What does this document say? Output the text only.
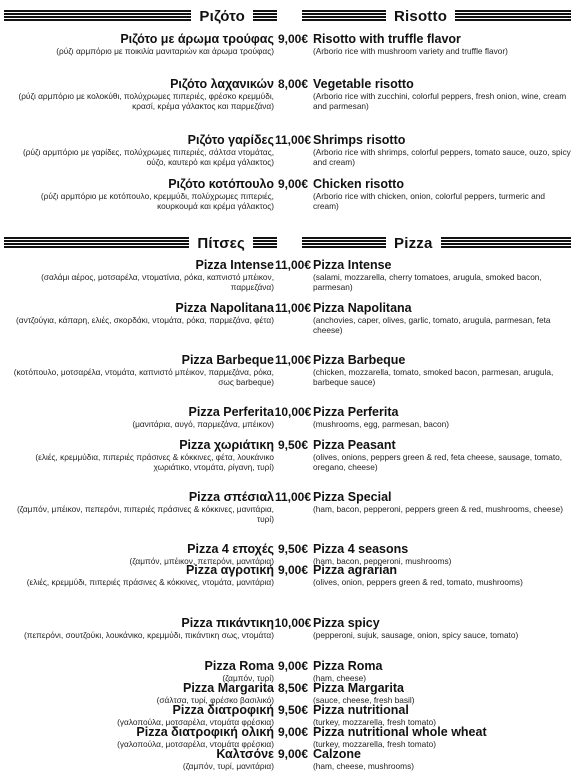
Ριζότο	Risotto
Ριζότο με άρωμα τρούφας
(ρύζι αρμπόριο με ποικιλία μανιταριών και άρωμα τρούφας)
9,00€ Risotto with truffle flavor
(Arborio rice with mushroom variety and truffle flavor)
Ριζότο λαχανικών
(ρύζι αρμπόριο με κολοκύθι, πολύχρωμες πιπεριές, φρέσκο κρεμμύδι, κρασί, κρέμα γάλακτος και παρμεζάνα)
8,00€ Vegetable risotto
(Arborio rice with zucchini, colorful peppers, fresh onion, wine, cream and parmesan)
Ριζότο γαρίδες
(ρύζι αρμπόριο με γαρίδες, πολύχρωμες πιπεριές, σάλτσα ντομάτας, ούζο, καυτερό και κρέμα γάλακτος)
11,00€ Shrimps risotto
(Arborio rice with shrimps, colorful peppers, tomato sauce, ouzo, spicy and cream)
Ριζότο κοτόπουλο
(ρύζι αρμπόριο με κοτόπουλο, κρεμμύδι, πολύχρωμες πιπεριές, κουρκουμά και κρέμα γάλακτος)
9,00€ Chicken risotto
(Arborio rice with chicken, onion, colorful peppers, turmeric and cream)
Πίτσες	Pizza
Pizza Intense
(σαλάμι αέρος, μοτσαρέλα, ντοματίνια, ρόκα, καπνιστό μπέικον, παρμεζάνα)
11,00€ Pizza Intense
(salami, mozzarella, cherry tomatoes, arugula, smoked bacon, parmesan)
Pizza Napolitana
(αντζούγια, κάπαρη, ελιές, σκορδάκι, ντομάτα, ρόκα, παρμεζάνα, φέτα)
11,00€ Pizza Napolitana
(anchovies, caper, olives, garlic, tomato, arugula, parmesan, feta cheese)
Pizza Barbeque
(κοτόπουλο, μοτσαρέλα, ντομάτα, καπνιστό μπέικον, παρμεζάνα, ρόκα, σως barbeque)
11,00€ Pizza Barbeque
(chicken, mozzarella, tomato, smoked bacon, parmesan, arugula, barbeque sauce)
Pizza Perferita
(μανιτάρια, αυγό, παρμεζάνα, μπέικον)
10,00€ Pizza Perferita
(mushrooms, egg, parmesan, bacon)
Pizza χωριάτικη
(ελιές, κρεμμύδια, πιπεριές πράσινες & κόκκινες, φέτα, λουκάνικο χωριάτικο, ντομάτα, ρίγανη, τυρί)
9,50€ Pizza Peasant
(olives, onions, peppers green & red, feta cheese, sausage, tomato, oregano, cheese)
Pizza σπέσιαλ
(ζαμπόν, μπέικον, πεπερόνι, πιπεριές πράσινες & κόκκινες, μανιτάρια, τυρί)
11,00€ Pizza Special
(ham, bacon, pepperoni, peppers green & red, mushrooms, cheese)
Pizza 4 εποχές
(ζαμπόν, μπέικον, πεπερόνι, μανιτάρια)
9,50€ Pizza 4 seasons
(ham, bacon, pepperoni, mushrooms)
Pizza αγροτική
(ελιές, κρεμμύδι, πιπεριές πράσινες & κόκκινες, ντομάτα, μανιτάρια)
9,00€ Pizza agrarian
(olives, onion, peppers green & red, tomato, mushrooms)
Pizza πικάντικη
(πεπερόνι, σουτζούκι, λουκάνικο, κρεμμύδι, πικάντικη σως, ντομάτα)
10,00€ Pizza spicy
(pepperoni, sujuk, sausage, onion, spicy sauce, tomato)
Pizza Roma
(ζαμπόν, τυρί)
9,00€ Pizza Roma
(ham, cheese)
Pizza Margarita
(σάλτσα, τυρί, φρέσκο βασιλικό)
8,50€ Pizza Margarita
(sauce, cheese, fresh basil)
Pizza διατροφική
(γαλοπούλα, μοτσαρέλα, ντομάτα φρέσκια)
9,50€ Pizza nutritional
(turkey, mozzarella, fresh tomato)
Pizza διατροφική ολική
(γαλοπούλα, μοτσαρέλα, ντομάτα φρέσκια)
9,00€ Pizza nutritional whole wheat
(turkey, mozzarella, fresh tomato)
Καλτσόνε
(ζαμπόν, τυρί, μανιτάρια)
9,00€ Calzone
(ham, cheese, mushrooms)
